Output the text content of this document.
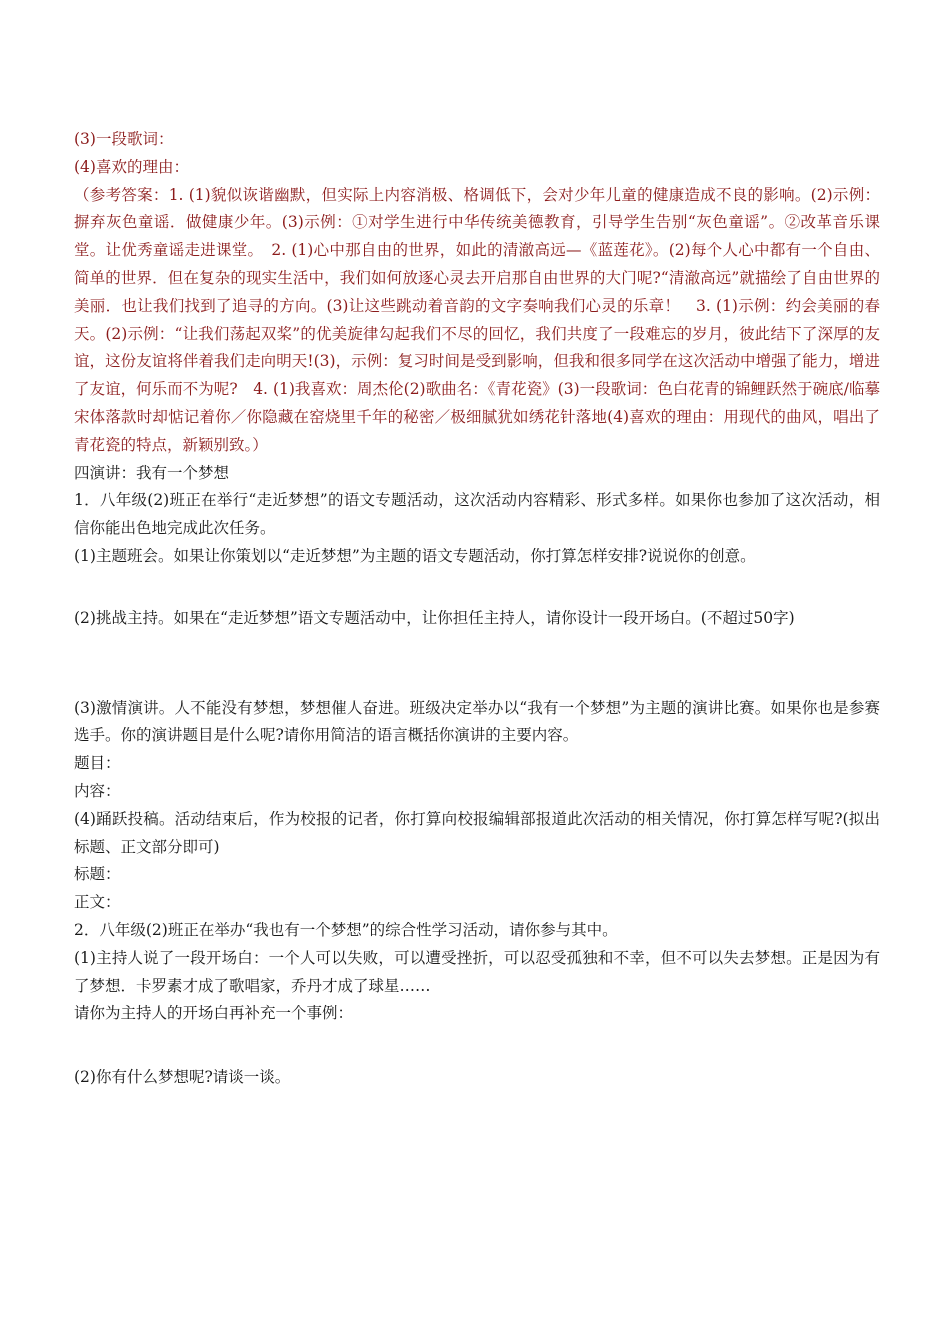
(3)一段歌词：

(4)喜欢的理由：

（参考答案：1. (1)貌似诙谐幽默，但实际上内容消极、格调低下，会对少年儿童的健康造成不良的影响。(2)示例：摒弃灰色童谣．做健康少年。(3)示例：①对学生进行中华传统美德教育，引导学生告别“灰色童谣”。②改革音乐课堂。让优秀童谣走进课堂。　2. (1)心中那自由的世界，如此的清澈高远—《蓝莲花》。(2)每个人心中都有一个自由、简单的世界．但在复杂的现实生活中，我们如何放逐心灵去开启那自由世界的大门呢?“清澈高远”就描绘了自由世界的美丽．也让我们找到了追寻的方向。(3)让这些跳动着音韵的文字奏响我们心灵的乐章！　3. (1)示例：约会美丽的春天。(2)示例：“让我们荡起双桨”的优美旋律勾起我们不尽的回忆，我们共度了一段难忘的岁月，彼此结下了深厚的友谊，这份友谊将伴着我们走向明天!(3)，示例：复习时间是受到影响，但我和很多同学在这次活动中增强了能力，增进了友谊，何乐而不为呢?　4. (1)我喜欢：周杰伦(2)歌曲名：《青花瓷》(3)一段歌词：色白花青的锦鲤跃然于碗底/临摹宋体落款时却惦记着你／你隐藏在窑烧里千年的秘密／极细腻犹如绣花针落地(4)喜欢的理由：用现代的曲风，唱出了青花瓷的特点，新颖别致。）

四演讲：我有一个梦想

1．八年级(2)班正在举行“走近梦想”的语文专题活动，这次活动内容精彩、形式多样。如果你也参加了这次活动，相信你能出色地完成此次任务。

(1)主题班会。如果让你策划以“走近梦想”为主题的语文专题活动，你打算怎样安排?说说你的创意。

(2)挑战主持。如果在“走近梦想”语文专题活动中，让你担任主持人，请你设计一段开场白。(不超过50字)

(3)激情演讲。人不能没有梦想，梦想催人奋进。班级决定举办以“我有一个梦想”为主题的演讲比赛。如果你也是参赛选手。你的演讲题目是什么呢?请你用简洁的语言概括你演讲的主要内容。

题目：

内容：

(4)踊跃投稿。活动结束后，作为校报的记者，你打算向校报编辑部报道此次活动的相关情况，你打算怎样写呢?(拟出标题、正文部分即可)

标题：

正文：

2．八年级(2)班正在举办“我也有一个梦想”的综合性学习活动，请你参与其中。

(1)主持人说了一段开场白：一个人可以失败，可以遭受挫折，可以忍受孤独和不幸，但不可以失去梦想。正是因为有了梦想．卡罗素才成了歌唱家，乔丹才成了球星……

请你为主持人的开场白再补充一个事例：

(2)你有什么梦想呢?请谈一谈。
